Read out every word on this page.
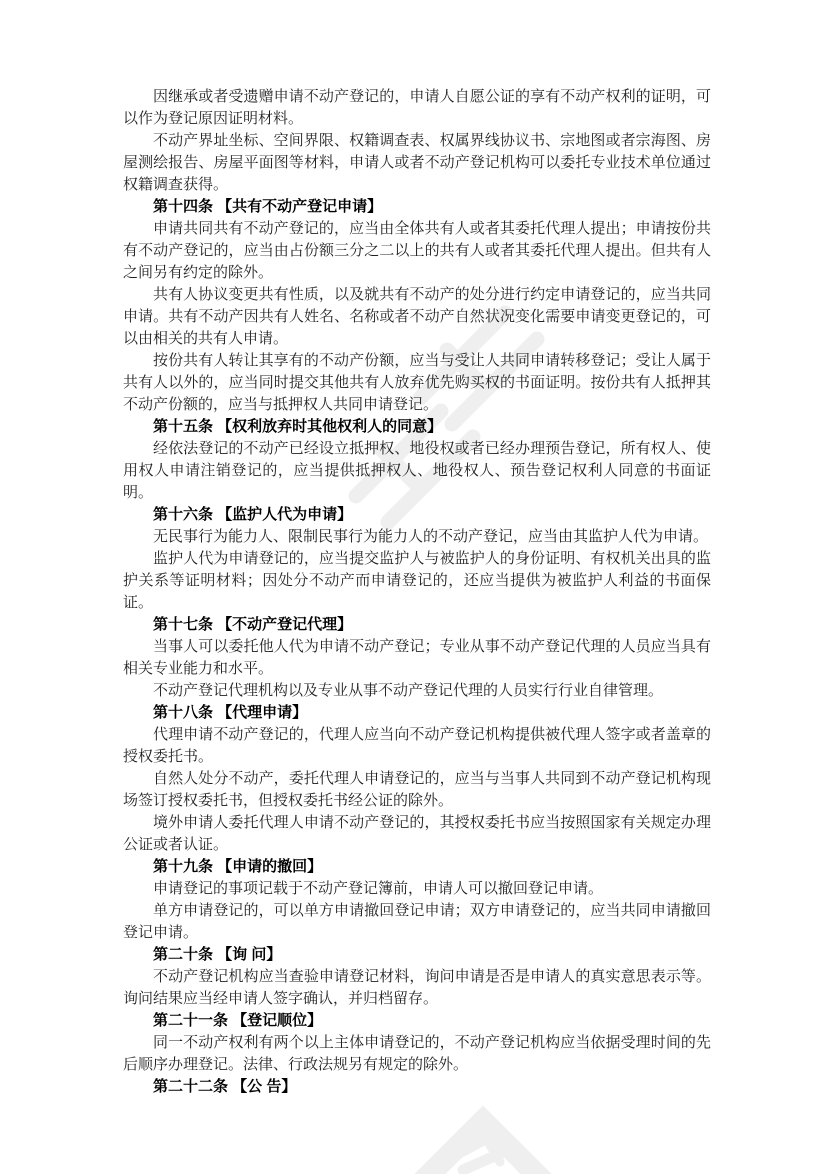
因继承或者受遗赠申请不动产登记的，申请人自愿公证的享有不动产权利的证明，可以作为登记原因证明材料。

不动产界址坐标、空间界限、权籍调查表、权属界线协议书、宗地图或者宗海图、房屋测绘报告、房屋平面图等材料，申请人或者不动产登记机构可以委托专业技术单位通过权籍调查获得。

第十四条 【共有不动产登记申请】

申请共同共有不动产登记的，应当由全体共有人或者其委托代理人提出；申请按份共有不动产登记的，应当由占份额三分之二以上的共有人或者其委托代理人提出。但共有人之间另有约定的除外。

共有人协议变更共有性质，以及就共有不动产的处分进行约定申请登记的，应当共同申请。共有不动产因共有人姓名、名称或者不动产自然状况变化需要申请变更登记的，可以由相关的共有人申请。

按份共有人转让其享有的不动产份额，应当与受让人共同申请转移登记；受让人属于共有人以外的，应当同时提交其他共有人放弃优先购买权的书面证明。按份共有人抵押其不动产份额的，应当与抵押权人共同申请登记。

第十五条 【权利放弃时其他权利人的同意】

经依法登记的不动产已经设立抵押权、地役权或者已经办理预告登记，所有权人、使用权人申请注销登记的，应当提供抵押权人、地役权人、预告登记权利人同意的书面证明。

第十六条 【监护人代为申请】

无民事行为能力人、限制民事行为能力人的不动产登记，应当由其监护人代为申请。

监护人代为申请登记的，应当提交监护人与被监护人的身份证明、有权机关出具的监护关系等证明材料；因处分不动产而申请登记的，还应当提供为被监护人利益的书面保证。

第十七条 【不动产登记代理】

当事人可以委托他人代为申请不动产登记；专业从事不动产登记代理的人员应当具有相关专业能力和水平。

不动产登记代理机构以及专业从事不动产登记代理的人员实行行业自律管理。

第十八条 【代理申请】

代理申请不动产登记的，代理人应当向不动产登记机构提供被代理人签字或者盖章的授权委托书。

自然人处分不动产，委托代理人申请登记的，应当与当事人共同到不动产登记机构现场签订授权委托书，但授权委托书经公证的除外。

境外申请人委托代理人申请不动产登记的，其授权委托书应当按照国家有关规定办理公证或者认证。

第十九条 【申请的撤回】

申请登记的事项记载于不动产登记簿前，申请人可以撤回登记申请。

单方申请登记的，可以单方申请撤回登记申请；双方申请登记的，应当共同申请撤回登记申请。

第二十条 【询 问】

不动产登记机构应当查验申请登记材料，询问申请是否是申请人的真实意思表示等。询问结果应当经申请人签字确认，并归档留存。

第二十一条 【登记顺位】

同一不动产权利有两个以上主体申请登记的，不动产登记机构应当依据受理时间的先后顺序办理登记。法律、行政法规另有规定的除外。

第二十二条 【公 告】
